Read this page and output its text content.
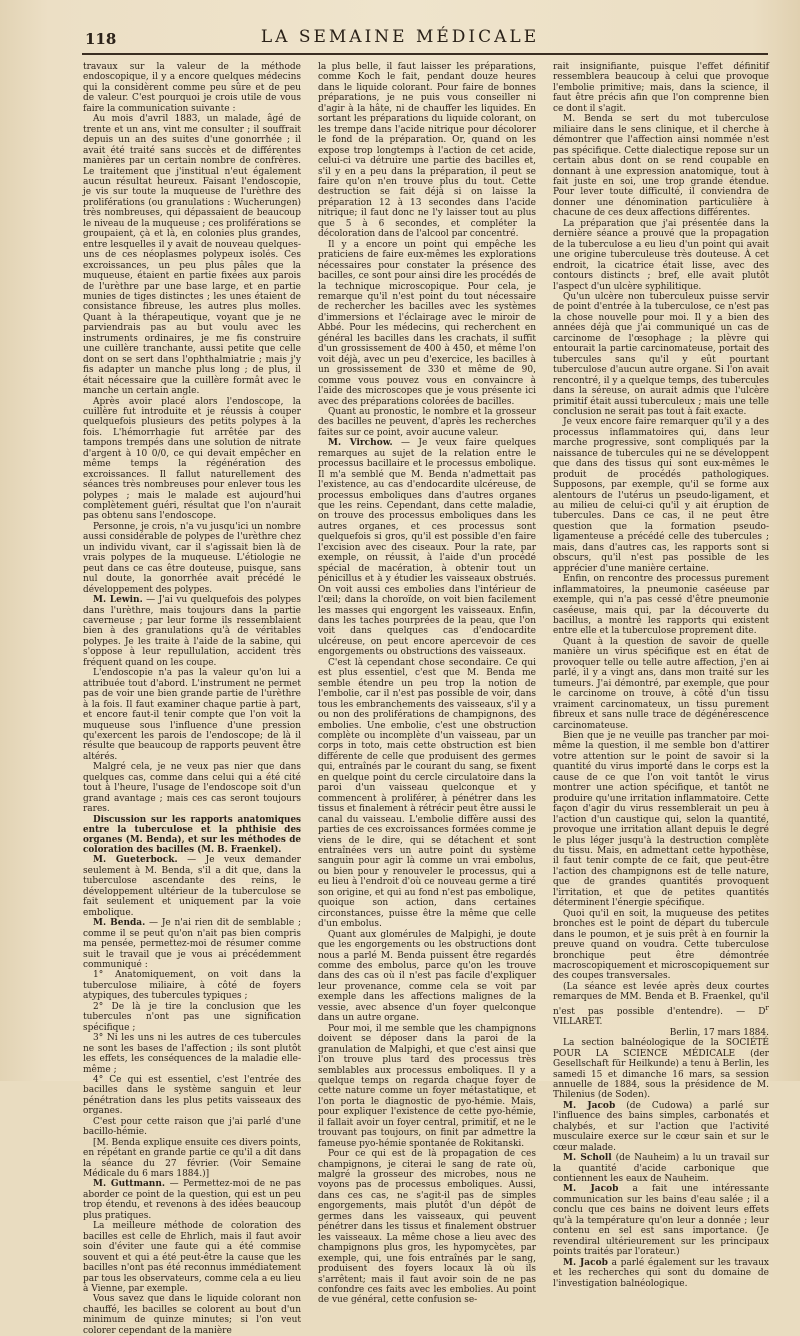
118	LA SEMAINE MÉDICALE

travaux sur la valeur de la méthode endoscopique, il y a encore quelques médecins qui la considèrent comme peu sûre et de peu de valeur. C'est pourquoi je crois utile de vous faire la communication suivante :

Au mois d'avril 1883, un malade, âgé de trente et un ans, vint me consulter ; il souffrait depuis un an des suites d'une gonorrhée ; il avait été traité sans succès et de différentes manières par un certain nombre de confrères. Le traitement que j'institual n'eut également aucun résultat heureux. Faisant l'endoscopie, je vis sur toute la muqueuse de l'urèthre des proliférations (ou granulations : Wucherungen) très nombreuses, qui dépassaient de beaucoup le niveau de la muqueuse ; ces proliférations se groupaient, çà et là, en colonies plus grandes, entre lesquelles il y avait de nouveau quelques-uns de ces néoplasmes polypeux isolés. Ces excroissances, un peu plus pâles que la muqueuse, étaient en partie fixées aux parois de l'urèthre par une base large, et en partie munies de tiges distinctes ; les unes étaient de consistance fibreuse, les autres plus molles. Quant à la thérapeutique, voyant que je ne parviendrais pas au but voulu avec les instruments ordinaires, je me fis construire une cuillère tranchante, aussi petite que celle dont on se sert dans l'ophthalmiatrie ; mais j'y fis adapter un manche plus long ; de plus, il était nécessaire que la cuillère formât avec le manche un certain angle.

Après avoir placé alors l'endoscope, la cuillère fut introduite et je réussis à couper quelquefois plusieurs des petits polypes à la fois. L'hémorrhagie fut arrêtée par des tampons trempés dans une solution de nitrate d'argent à 10 0/0, ce qui devait empêcher en même temps la régénération des excroissances. Il fallut naturellement des séances très nombreuses pour enlever tous les polypes ; mais le malade est aujourd'hui complètement guéri, résultat que l'on n'aurait pas obtenu sans l'endoscope.

Personne, je crois, n'a vu jusqu'ici un nombre aussi considérable de polypes de l'urèthre chez un individu vivant, car il s'agissait bien là de vrais polypes de la muqueuse. L'étiologie ne peut dans ce cas être douteuse, puisque, sans nul doute, la gonorrhée avait précédé le développement des polypes.

M. Lewin. — J'ai vu quelquefois des polypes dans l'urèthre, mais toujours dans la partie caverneuse ; par leur forme ils ressemblaient bien à des granulations qu'à de véritables polypes. Je les traite à l'aide de la sabine, qui s'oppose à leur repullulation, accident très fréquent quand on les coupe.

L'endoscopie n'a pas la valeur qu'on lui a attribuée tout d'abord. L'instrument ne permet pas de voir une bien grande partie de l'urèthre à la fois. Il faut examiner chaque partie à part, et encore faut-il tenir compte que l'on voit la muqueuse sous l'influence d'une pression qu'exercent les parois de l'endoscope; de là il résulte que beaucoup de rapports peuvent être altérés.

Malgré cela, je ne veux pas nier que dans quelques cas, comme dans celui qui a été cité tout à l'heure, l'usage de l'endoscope soit d'un grand avantage ; mais ces cas seront toujours rares.

Discussion sur les rapports anatomiques entre la tuberculose et la phthisie des organes (M. Benda), et sur les méthodes de coloration des bacilles (M. B. Fraenkel).

M. Gueterbock. — Je veux demander seulement à M. Benda, s'il a dit que, dans la tuberculose ascendante des reins, le développement ultérieur de la tuberculose se fait seulement et uniquement par la voie embolique.

M. Benda. — Je n'ai rien dit de semblable ; comme il se peut qu'on n'ait pas bien compris ma pensée, permettez-moi de résumer comme suit le travail que je vous ai précédemment communiqué :

1° Anatomiquement, on voit dans la tuberculose miliaire, à côté de foyers atypiques, des tubercules typiques ;

2° De là je tire la conclusion que les tubercules n'ont pas une signification spécifique ;

3° Ni les uns ni les autres de ces tubercules ne sont les bases de l'affection ; ils sont plutôt les effets, les conséquences de la maladie elle-même ;

4° Ce qui est essentiel, c'est l'entrée des bacilles dans le système sanguin et leur pénétration dans les plus petits vaisseaux des organes.

C'est pour cette raison que j'ai parlé d'une bacillo-hémie.

[M. Benda explique ensuite ces divers points, en répétant en grande partie ce qu'il a dit dans la séance du 27 février. (Voir Semaine Médicale du 6 mars 1884.)]

M. Guttmann. — Permettez-moi de ne pas aborder ce point de la question, qui est un peu trop étendu, et revenons à des idées beaucoup plus pratiques.

La meilleure méthode de coloration des bacilles est celle de Ehrlich, mais il faut avoir soin d'éviter une faute qui a été commise souvent et qui a été peut-être la cause que les bacilles n'ont pas été reconnus immédiatement par tous les observateurs, comme cela a eu lieu à Vienne, par exemple.

Vous savez que dans le liquide colorant non chauffé, les bacilles se colorent au bout d'un minimum de quinze minutes; si l'on veut colorer cependant de la manière

la plus belle, il faut laisser les préparations, comme Koch le fait, pendant douze heures dans le liquide colorant. Pour faire de bonnes préparations, je ne puis vous conseiller ni d'agir à la hâte, ni de chauffer les liquides. En sortant les préparations du liquide colorant, on les trempe dans l'acide nitrique pour décolorer le fond de la préparation. Or, quand on les expose trop longtemps à l'action de cet acide, celui-ci va détruire une partie des bacilles et, s'il y en a peu dans la préparation, il peut se faire qu'on n'en trouve plus du tout. Cette destruction se fait déjà si on laisse la préparation 12 à 13 secondes dans l'acide nitrique; il faut donc ne l'y laisser tout au plus que 5 à 6 secondes, et compléter la décoloration dans de l'alcool par concentré.

Il y a encore un point qui empêche les praticiens de faire eux-mêmes les explorations nécessaires pour constater la présence des bacilles, ce sont pour ainsi dire les procédés de la technique microscopique. Pour cela, je remarque qu'il n'est point du tout nécessaire de rechercher les bacilles avec les systèmes d'immersions et l'éclairage avec le miroir de Abbé. Pour les médecins, qui recherchent en général les bacilles dans les crachats, il suffit d'un grossissement de 400 à 450, et même l'on voit déjà, avec un peu d'exercice, les bacilles à un grossissement de 330 et même de 90, comme vous pouvez vous en convaincre à l'aide des microscopes que je vous présente ici avec des préparations colorées de bacilles.

Quant au pronostic, le nombre et la grosseur des bacilles ne peuvent, d'après les recherches faites sur ce point, avoir aucune valeur.

M. Virchow. — Je veux faire quelques remarques au sujet de la relation entre le processus bacillaire et le processus embolique. Il m'a semblé que M. Benda n'admettait pas l'existence, au cas d'endocardite ulcéreuse, de processus emboliques dans d'autres organes que les reins. Cependant, dans cette maladie, on trouve des processus emboliques dans les autres organes, et ces processus sont quelquefois si gros, qu'il est possible d'en faire l'excision avec des ciseaux. Pour la rate, par exemple, on réussit, à l'aide d'un procédé spécial de macération, à obtenir tout un pénicillus et à y étudier les vaisseaux obstrués. On voit aussi ces embolies dans l'intérieur de l'œil; dans la choroïde, on voit bien facilement les masses qui engorgent les vaisseaux. Enfin, dans les taches pourprées de la peau, que l'on voit dans quelques cas d'endocardite ulcéreuse, on peut encore apercevoir de ces engorgements ou obstructions des vaisseaux.

C'est là cependant chose secondaire. Ce qui est plus essentiel, c'est que M. Benda me semble étendre un peu trop la notion de l'embolie, car il n'est pas possible de voir, dans tous les embranchements des vaisseaux, s'il y a ou non des proliférations de champignons, des embolies. Une embolie, c'est une obstruction complète ou incomplète d'un vaisseau, par un corps in toto, mais cette obstruction est bien différente de celle que produisent des germes qui, entraînés par le courant du sang, se fixent en quelque point du cercle circulatoire dans la paroi d'un vaisseau quelconque et y commencent à proliférer, à pénétrer dans les tissus et finalement à rétrécir peut être aussi le canal du vaisseau. L'embolie diffère aussi des parties de ces excroissances formées comme je viens de le dire, qui se détachent et sont entraînées vers un autre point du système sanguin pour agir là comme un vrai embolus, ou bien pour y renouveler le processus, qui a eu lieu à l'endroit d'où ce nouveau germe a tiré son origine, et qui au fond n'est pas embolique, quoique son action, dans certaines circonstances, puisse être la même que celle d'un embolus.

Quant aux glomérules de Malpighi, je doute que les engorgements ou les obstructions dont nous a parlé M. Benda puissent être regardés comme des embolus, parce qu'on les trouve dans des cas où il n'est pas facile d'expliquer leur provenance, comme cela se voit par exemple dans les affections malignes de la vessie, avec absence d'un foyer quelconque dans un autre organe.

Pour moi, il me semble que les champignons doivent se déposer dans la paroi de la granulation de Malpighi, et que c'est ainsi que l'on trouve plus tard des processus très semblables aux processus emboliques. Il y a quelque temps on regarda chaque foyer de cette nature comme un foyer métastatique, et l'on porta le diagnostic de pyo-hémie. Mais, pour expliquer l'existence de cette pyo-hémie, il fallait avoir un foyer central, primitif, et ne le trouvant pas toujours, on finit par admettre la fameuse pyo-hémie spontanée de Rokitanski.

Pour ce qui est de là propagation de ces champignons, je citerai le sang de rate où, malgré la grosseur des microbes, nous ne voyons pas de processus emboliques. Aussi, dans ces cas, ne s'agit-il pas de simples engorgements, mais plutôt d'un dépôt de germes dans les vaisseaux, qui peuvent pénétrer dans les tissus et finalement obstruer les vaisseaux. La même chose a lieu avec des champignons plus gros, les hypomycètes, par exemple, qui, une fois entraînés par le sang, produisent des foyers locaux là où ils s'arrêtent; mais il faut avoir soin de ne pas confondre ces faits avec les embolies. Au point de vue général, cette confusion se-

rait insignifiante, puisque l'effet définitif ressemblera beaucoup à celui que provoque l'embolie primitive; mais, dans la science, il faut être précis afin que l'on comprenne bien ce dont il s'agit.

M. Benda se sert du mot tuberculose miliaire dans le sens clinique, et il cherche à démontrer que l'affection ainsi nommée n'est pas spécifique. Cette dialectique repose sur un certain abus dont on se rend coupable en donnant à une expression anatomique, tout à fait juste en soi, une trop grande étendue. Pour lever toute difficulté, il conviendra de donner une dénomination particulière à chacune de ces deux affections différentes.

La préparation que j'ai présentée dans la dernière séance a prouvé que la propagation de la tuberculose a eu lieu d'un point qui avait une origine tuberculeuse très douteuse. À cet endroit, la cicatrice était lisse, avec des contours distincts ; bref, elle avait plutôt l'aspect d'un ulcère syphilitique.

Qu'un ulcère non tuberculeux puisse servir de point d'entrée à la tuberculose, ce n'est pas la chose nouvelle pour moi. Il y a bien des années déjà que j'ai communiqué un cas de carcinome de l'œsophage ; la plèvre qui entourait la partie carcinomateuse, portait des tubercules sans qu'il y eût pourtant tuberculose d'aucun autre organe. Si l'on avait rencontré, il y a quelque temps, des tubercules dans la séreuse, on aurait admis que l'ulcère primitif était aussi tuberculeux ; mais une telle conclusion ne serait pas tout à fait exacte.

Je veux encore faire remarquer qu'il y a des processus inflammatoires qui, dans leur marche progressive, sont compliqués par la naissance de tubercules qui ne se développent que dans des tissus qui sont eux-mêmes le produit de procédés pathologiques. Supposons, par exemple, qu'il se forme aux alentours de l'utérus un pseudo-ligament, et au milieu de celui-ci qu'il y ait éruption de tubercules. Dans ce cas, il ne peut être question que la formation pseudo-ligamenteuse a précédé celle des tubercules ; mais, dans d'autres cas, les rapports sont si obscurs, qu'il n'est pas possible de les apprécier d'une manière certaine.

Enfin, on rencontre des processus purement inflammatoires, la pneumonie caséeuse par exemple, qui n'a pas cessé d'être pneumonie caséeuse, mais qui, par la découverte du bacillus, a montré les rapports qui existent entre elle et la tuberculose proprement dite.

Quant à la question de savoir de quelle manière un virus spécifique est en état de provoquer telle ou telle autre affection, j'en ai parlé, il y a vingt ans, dans mon traité sur les tumeurs. J'ai démontré, par exemple, que pour le carcinome on trouve, à côté d'un tissu vraiment carcinomateux, un tissu purement fibreux et sans nulle trace de dégénérescence carcinomateuse.

Bien que je ne veuille pas trancher par moi-même la question, il me semble bon d'attirer votre attention sur le point de savoir si la quantité du virus importé dans le corps est la cause de ce que l'on voit tantôt le virus montrer une action spécifique, et tantôt ne produire qu'une irritation inflammatoire. Cette façon d'agir du virus ressemblerait un peu à l'action d'un caustique qui, selon la quantité, provoque une irritation allant depuis le degré le plus léger jusqu'à la destruction complète du tissu. Mais, en admettant cette hypothèse, il faut tenir compte de ce fait, que peut-être l'action des champignons est de telle nature, que de grandes quantités provoquent l'irritation, et que de petites quantités déterminent l'énergie spécifique.

Quoi qu'il en soit, la muqueuse des petites bronches est le point de départ du tubercule dans le poumon, et je suis prêt à en fournir la preuve quand on voudra. Cette tuberculose bronchique peut être démontrée macroscopiquement et microscopiquement sur des coupes transversales.

(La séance est levée après deux courtes remarques de MM. Benda et B. Fraenkel, qu'il n'est pas possible d'entendre). — $D^r$ VILLARET.

Berlin, 17 mars 1884.

La section balnéologique de la SOCIÉTÉ POUR LA SCIENCE MÉDICALE (der Gesellschaft für Heilkunde) a tenu à Berlin, les samedi 15 et dimanche 16 mars, sa session annuelle de 1884, sous la présidence de M. Thilenius (de Soden).

M. Jacob (de Cudowa) a parlé sur l'influence des bains simples, carbonatés et chalybés, et sur l'action que l'activité musculaire exerce sur le cœur sain et sur le cœur malade.

M. Scholl (de Nauheim) a lu un travail sur la quantité d'acide carbonique que contiennent les eaux de Nauheim.

M. Jacob a fait une intéressante communication sur les bains d'eau salée ; il a conclu que ces bains ne doivent leurs effets qu'à la température qu'on leur a donnée ; leur contenu en sel est sans importance. (Je revendiral ultérieurement sur les principaux points traités par l'orateur.)

M. Jacob a parlé également sur les travaux et les recherches qui sont du domaine de l'investigation balnéologique.
